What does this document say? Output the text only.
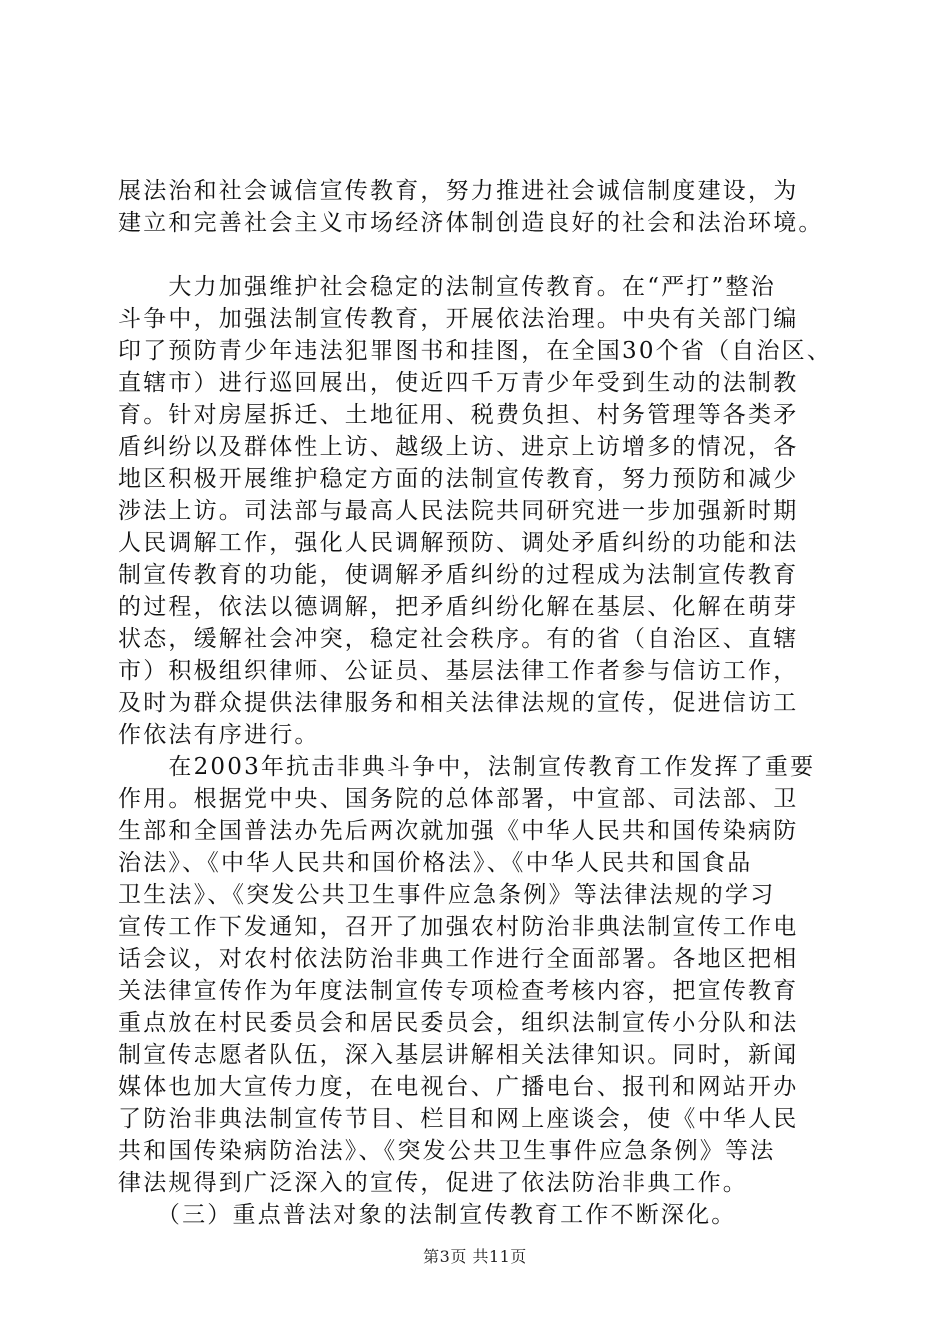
展法治和社会诚信宣传教育，努力推进社会诚信制度建设，为
建立和完善社会主义市场经济体制创造良好的社会和法治环境。
　　大力加强维护社会稳定的法制宣传教育。在“严打”整治
斗争中，加强法制宣传教育，开展依法治理。中央有关部门编
印了预防青少年违法犯罪图书和挂图，在全国30个省（自治区、
直辖市）进行巡回展出，使近四千万青少年受到生动的法制教
育。针对房屋拆迁、土地征用、税费负担、村务管理等各类矛
盾纠纷以及群体性上访、越级上访、进京上访增多的情况，各
地区积极开展维护稳定方面的法制宣传教育，努力预防和减少
涉法上访。司法部与最高人民法院共同研究进一步加强新时期
人民调解工作，强化人民调解预防、调处矛盾纠纷的功能和法
制宣传教育的功能，使调解矛盾纠纷的过程成为法制宣传教育
的过程，依法以德调解，把矛盾纠纷化解在基层、化解在萌芽
状态，缓解社会冲突，稳定社会秩序。有的省（自治区、直辖
市）积极组织律师、公证员、基层法律工作者参与信访工作，
及时为群众提供法律服务和相关法律法规的宣传，促进信访工
作依法有序进行。
　　在2003年抗击非典斗争中，法制宣传教育工作发挥了重要
作用。根据党中央、国务院的总体部署，中宣部、司法部、卫
生部和全国普法办先后两次就加强《中华人民共和国传染病防
治法》、《中华人民共和国价格法》、《中华人民共和国食品
卫生法》、《突发公共卫生事件应急条例》等法律法规的学习
宣传工作下发通知，召开了加强农村防治非典法制宣传工作电
话会议，对农村依法防治非典工作进行全面部署。各地区把相
关法律宣传作为年度法制宣传专项检查考核内容，把宣传教育
重点放在村民委员会和居民委员会，组织法制宣传小分队和法
制宣传志愿者队伍，深入基层讲解相关法律知识。同时，新闻
媒体也加大宣传力度，在电视台、广播电台、报刊和网站开办
了防治非典法制宣传节目、栏目和网上座谈会，使《中华人民
共和国传染病防治法》、《突发公共卫生事件应急条例》等法
律法规得到广泛深入的宣传，促进了依法防治非典工作。
　　（三）重点普法对象的法制宣传教育工作不断深化。
第3页 共11页
